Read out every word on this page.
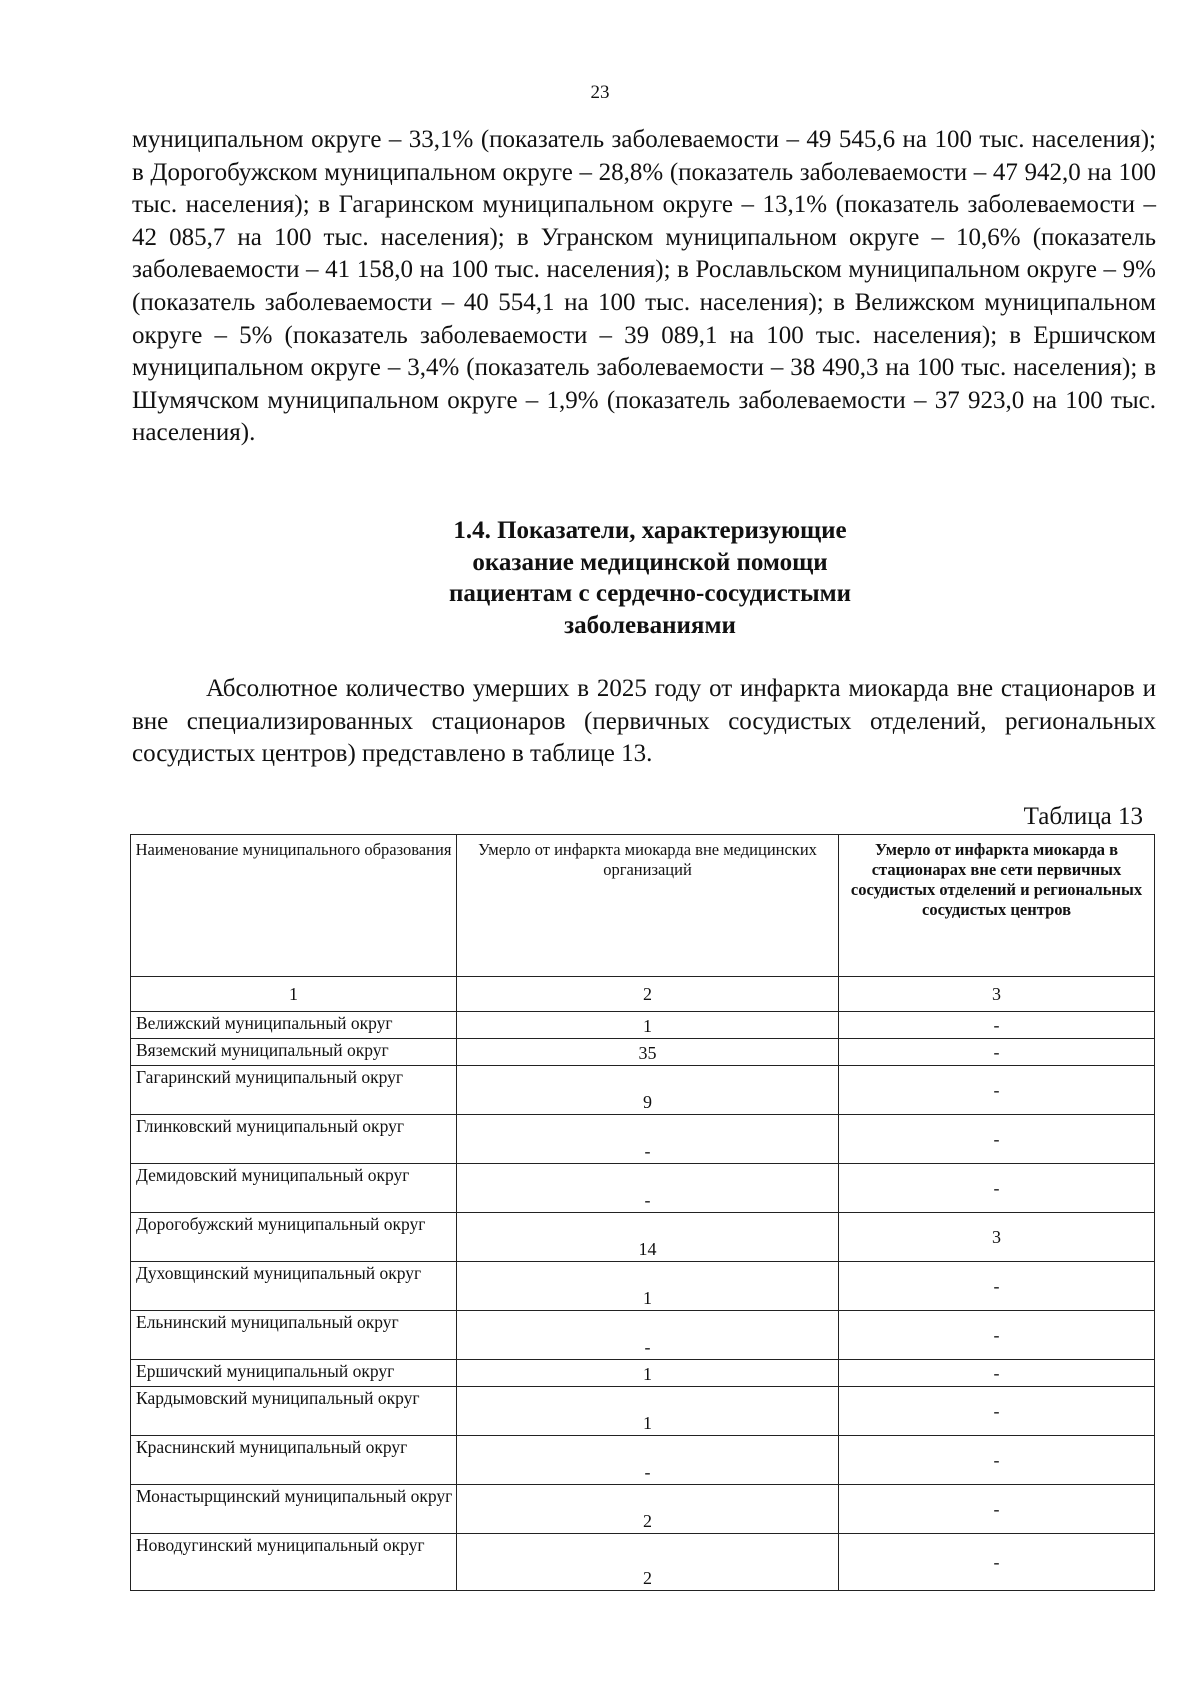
23

муниципальном округе – 33,1% (показатель заболеваемости – 49 545,6 на 100 тыс. населения); в Дорогобужском муниципальном округе – 28,8% (показатель заболеваемости – 47 942,0 на 100 тыс. населения); в Гагаринском муниципальном округе – 13,1% (показатель заболеваемости – 42 085,7 на 100 тыс. населения); в Угранском муниципальном округе – 10,6% (показатель заболеваемости – 41 158,0 на 100 тыс. населения); в Рославльском муниципальном округе – 9% (показатель заболеваемости – 40 554,1 на 100 тыс. населения); в Велижском муниципальном округе – 5% (показатель заболеваемости – 39 089,1 на 100 тыс. населения); в Ершичском муниципальном округе – 3,4% (показатель заболеваемости – 38 490,3 на 100 тыс. населения); в Шумячском муниципальном округе – 1,9% (показатель заболеваемости – 37 923,0 на 100 тыс. населения).

1.4. Показатели, характеризующие
оказание медицинской помощи
пациентам с сердечно-сосудистыми
заболеваниями

Абсолютное количество умерших в 2025 году от инфаркта миокарда вне стационаров и вне специализированных стационаров (первичных сосудистых отделений, региональных сосудистых центров) представлено в таблице 13.

Таблица 13
Наименование муниципального образования	Умерло от инфаркта миокарда вне медицинских организаций	Умерло от инфаркта миокарда в стационарах вне сети первичных сосудистых отделений и региональных сосудистых центров
1	2	3
Велижский муниципальный округ	1	-
Вяземский муниципальный округ	35	-
Гагаринский муниципальный округ	9	-
Глинковский муниципальный округ	-	-
Демидовский муниципальный округ	-	-
Дорогобужский муниципальный округ	14	3
Духовщинский муниципальный округ	1	-
Ельнинский муниципальный округ	-	-
Ершичский муниципальный округ	1	-
Кардымовский муниципальный округ	1	-
Краснинский муниципальный округ	-	-
Монастырщинский муниципальный округ	2	-
Новодугинский муниципальный округ	2	-
